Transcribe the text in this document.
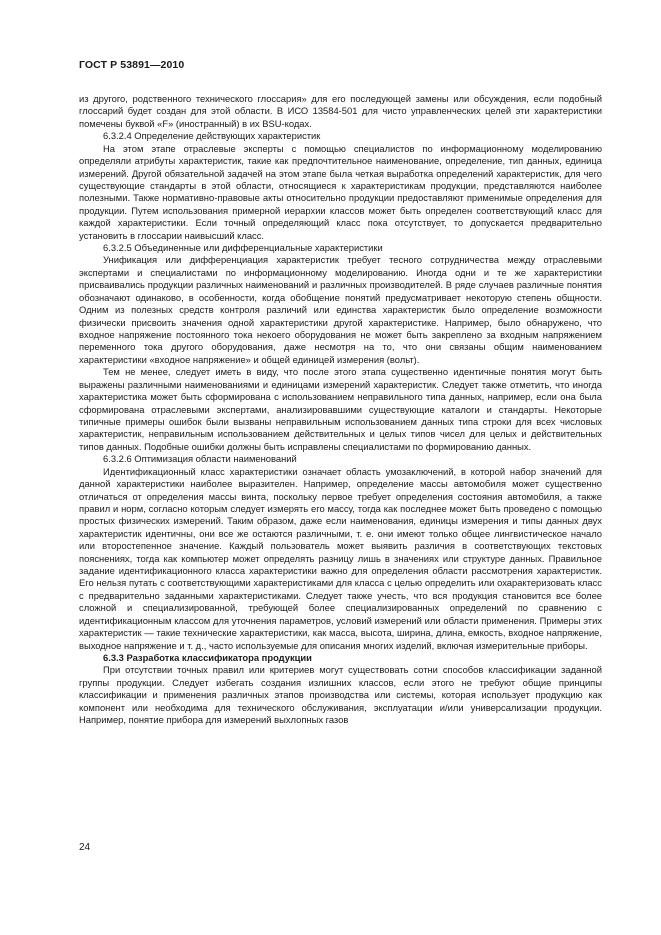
ГОСТ Р 53891—2010

из другого, родственного технического глоссария» для его последующей замены или обсуждения, если подобный глоссарий будет создан для этой области. В ИСО 13584-501 для чисто управленческих целей эти характеристики помечены буквой «F» (иностранный) в их BSU-кодах.

6.3.2.4 Определение действующих характеристик

На этом этапе отраслевые эксперты с помощью специалистов по информационному моделированию определяли атрибуты характеристик, такие как предпочтительное наименование, определение, тип данных, единица измерений. Другой обязательной задачей на этом этапе была четкая выработка определений характеристик, для чего существующие стандарты в этой области, относящиеся к характеристикам продукции, представляются наиболее полезными. Также нормативно-правовые акты относительно продукции предоставляют применимые определения для продукции. Путем использования примерной иерархии классов может быть определен соответствующий класс для каждой характеристики. Если точный определяющий класс пока отсутствует, то допускается предварительно установить в глоссарии наивысший класс.

6.3.2.5 Объединенные или дифференциальные характеристики

Унификация или дифференциация характеристик требует тесного сотрудничества между отраслевыми экспертами и специалистами по информационному моделированию. Иногда одни и те же характеристики присваивались продукции различных наименований и различных производителей. В ряде случаев различные понятия обозначают одинаково, в особенности, когда обобщение понятий предусматривает некоторую степень общности. Одним из полезных средств контроля различий или единства характеристик было определение возможности физически присвоить значения одной характеристики другой характеристике. Например, было обнаружено, что входное напряжение постоянного тока некоего оборудования не может быть закреплено за входным напряжением переменного тока другого оборудования, даже несмотря на то, что они связаны общим наименованием характеристики «входное напряжение» и общей единицей измерения (вольт).

Тем не менее, следует иметь в виду, что после этого этапа существенно идентичные понятия могут быть выражены различными наименованиями и единицами измерений характеристик. Следует также отметить, что иногда характеристика может быть сформирована с использованием неправильного типа данных, например, если она была сформирована отраслевыми экспертами, анализировавшими существующие каталоги и стандарты. Некоторые типичные примеры ошибок были вызваны неправильным использованием данных типа строки для всех числовых характеристик, неправильным использованием действительных и целых типов чисел для целых и действительных типов данных. Подобные ошибки должны быть исправлены специалистами по формированию данных.

6.3.2.6 Оптимизация области наименований

Идентификационный класс характеристики означает область умозаключений, в которой набор значений для данной характеристики наиболее выразителен. Например, определение массы автомобиля может существенно отличаться от определения массы винта, поскольку первое требует определения состояния автомобиля, а также правил и норм, согласно которым следует измерять его массу, тогда как последнее может быть проведено с помощью простых физических измерений. Таким образом, даже если наименования, единицы измерения и типы данных двух характеристик идентичны, они все же остаются различными, т. е. они имеют только общее лингвистическое начало или второстепенное значение. Каждый пользователь может выявить различия в соответствующих текстовых пояснениях, тогда как компьютер может определять разницу лишь в значениях или структуре данных. Правильное задание идентификационного класса характеристики важно для определения области рассмотрения характеристик. Его нельзя путать с соответствующими характеристиками для класса с целью определить или охарактеризовать класс с предварительно заданными характеристиками. Следует также учесть, что вся продукция становится все более сложной и специализированной, требующей более специализированных определений по сравнению с идентификационным классом для уточнения параметров, условий измерений или области применения. Примеры этих характеристик — такие технические характеристики, как масса, высота, ширина, длина, емкость, входное напряжение, выходное напряжение и т. д., часто используемые для описания многих изделий, включая измерительные приборы.

6.3.3 Разработка классификатора продукции

При отсутствии точных правил или критериев могут существовать сотни способов классификации заданной группы продукции. Следует избегать создания излишних классов, если этого не требуют общие принципы классификации и применения различных этапов производства или системы, которая использует продукцию как компонент или необходима для технического обслуживания, эксплуатации и/или универсализации продукции. Например, понятие прибора для измерений выхлопных газов

24
